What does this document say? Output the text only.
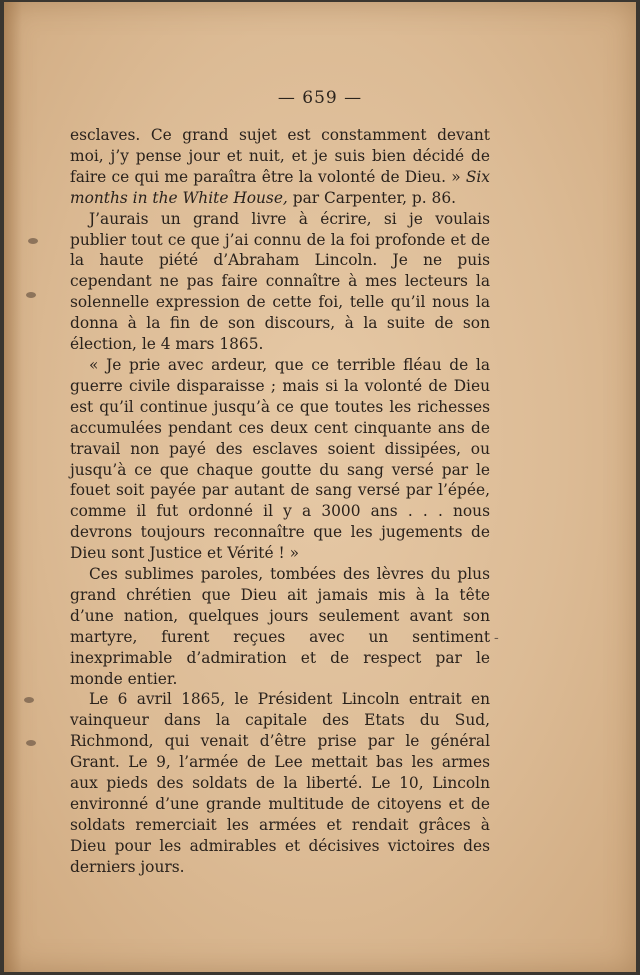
-
— 659 —

esclaves. Ce grand sujet est constamment devant moi, j’y pense jour et nuit, et je suis bien décidé de faire ce qui me paraîtra être la volonté de Dieu. » Six months in the White House, par Carpenter, p. 86.

J’aurais un grand livre à écrire, si je voulais publier tout ce que j’ai connu de la foi profonde et de la haute piété d’Abraham Lincoln. Je ne puis cependant ne pas faire connaître à mes lecteurs la solennelle expression de cette foi, telle qu’il nous la donna à la fin de son discours, à la suite de son élection, le 4 mars 1865.

« Je prie avec ardeur, que ce terrible fléau de la guerre civile disparaisse ; mais si la volonté de Dieu est qu’il continue jusqu’à ce que toutes les richesses accumulées pendant ces deux cent cinquante ans de travail non payé des esclaves soient dissipées, ou jusqu’à ce que chaque goutte du sang versé par le fouet soit payée par autant de sang versé par l’épée, comme il fut ordonné il y a 3000 ans . . . nous devrons toujours reconnaître que les jugements de Dieu sont Justice et Vérité ! »

Ces sublimes paroles, tombées des lèvres du plus grand chrétien que Dieu ait jamais mis à la tête d’une nation, quelques jours seulement avant son martyre, furent reçues avec un sentiment inexprimable d’admiration et de respect par le monde entier.

Le 6 avril 1865, le Président Lincoln entrait en vainqueur dans la capitale des Etats du Sud, Richmond, qui venait d’être prise par le général Grant. Le 9, l’armée de Lee mettait bas les armes aux pieds des soldats de la liberté. Le 10, Lincoln environné d’une grande multitude de citoyens et de soldats remerciait les armées et rendait grâces à Dieu pour les admirables et décisives victoires des derniers jours.
